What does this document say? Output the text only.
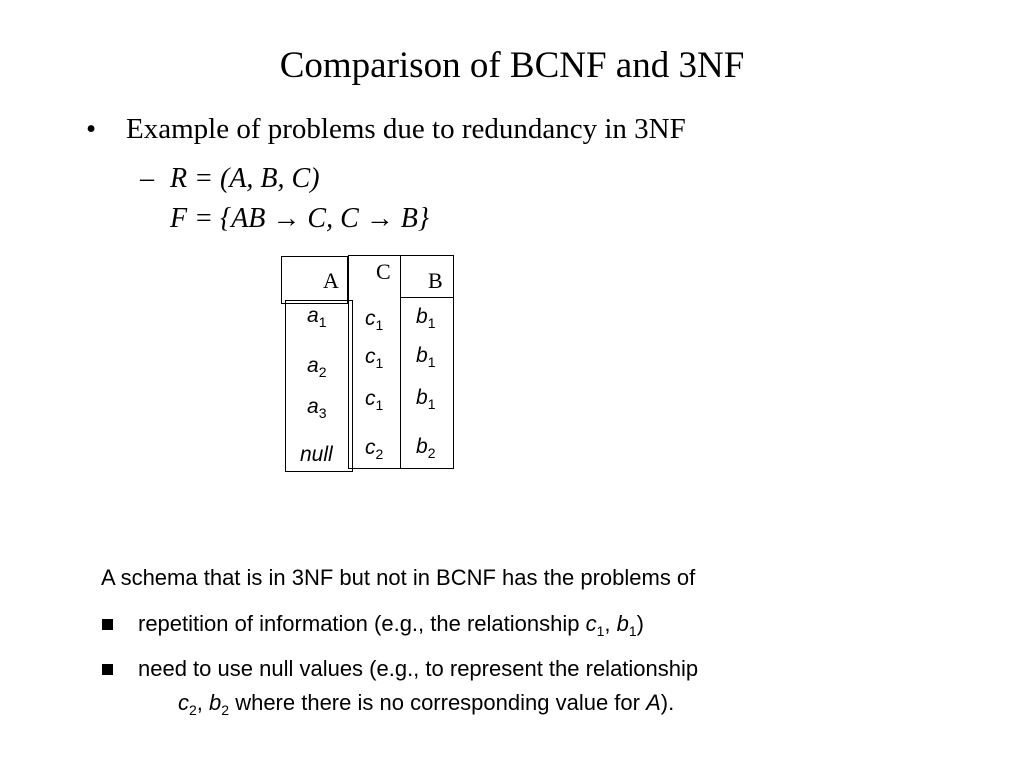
Comparison of BCNF and 3NF
• Example of problems due to redundancy in 3NF
– R = (A, B, C)
F = {AB → C, C → B}
A C B
$a_1$
$a_2$
$a_3$
null
$c_1$
$c_1$
$c_1$
$c_2$
$b_1$
$b_1$
$b_1$
$b_2$
A schema that is in 3NF but not in BCNF has the problems of
repetition of information (e.g., the relationship $c_1$, $b_1$)
need to use null values (e.g., to represent the relationship
$c_2$, $b_2$ where there is no corresponding value for A).
